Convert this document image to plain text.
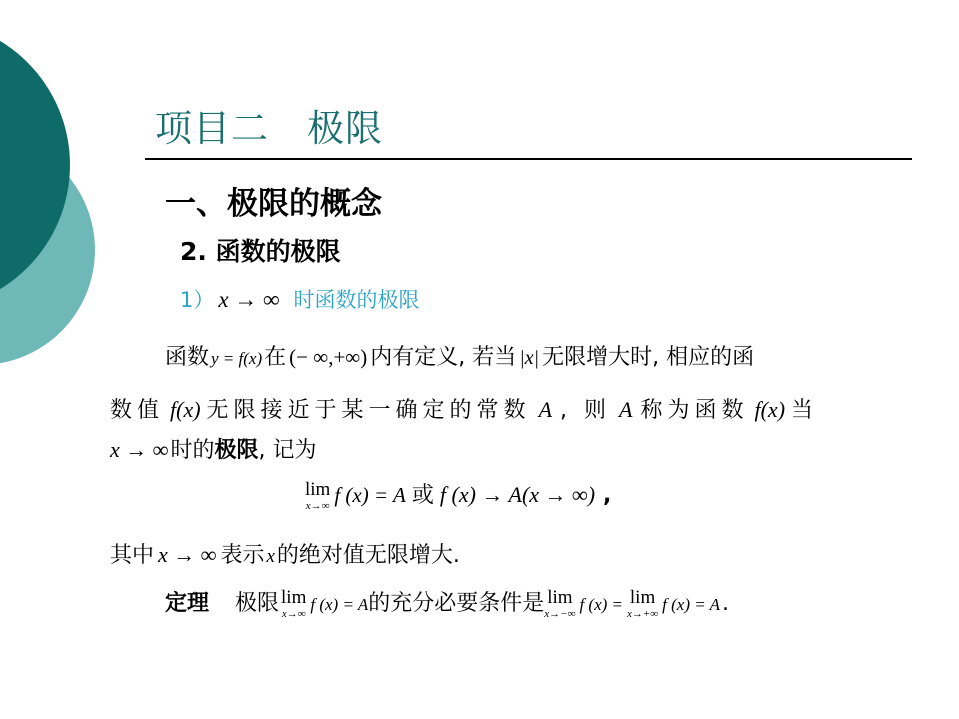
项目二　极限
一、极限的概念
2. 函数的极限
1） x → ∞ 时函数的极限
函数 y = f(x)在 (− ∞,+∞) 内有定义, 若当 |x| 无限增大时, 相应的函
数值 f(x) 无限接近于某一确定的常数 A , 则 A 称为函数 f(x) 当
x → ∞时的极限, 记为
lim
x→∞ f (x) = A 或 f (x) → A(x → ∞) ,
其中 x → ∞ 表示 x的绝对值无限增大.
定理 极限 lim
x→∞ f (x) = A的充分必要条件是 lim
x→−∞ f (x) = lim
x→+∞ f (x) = A.
